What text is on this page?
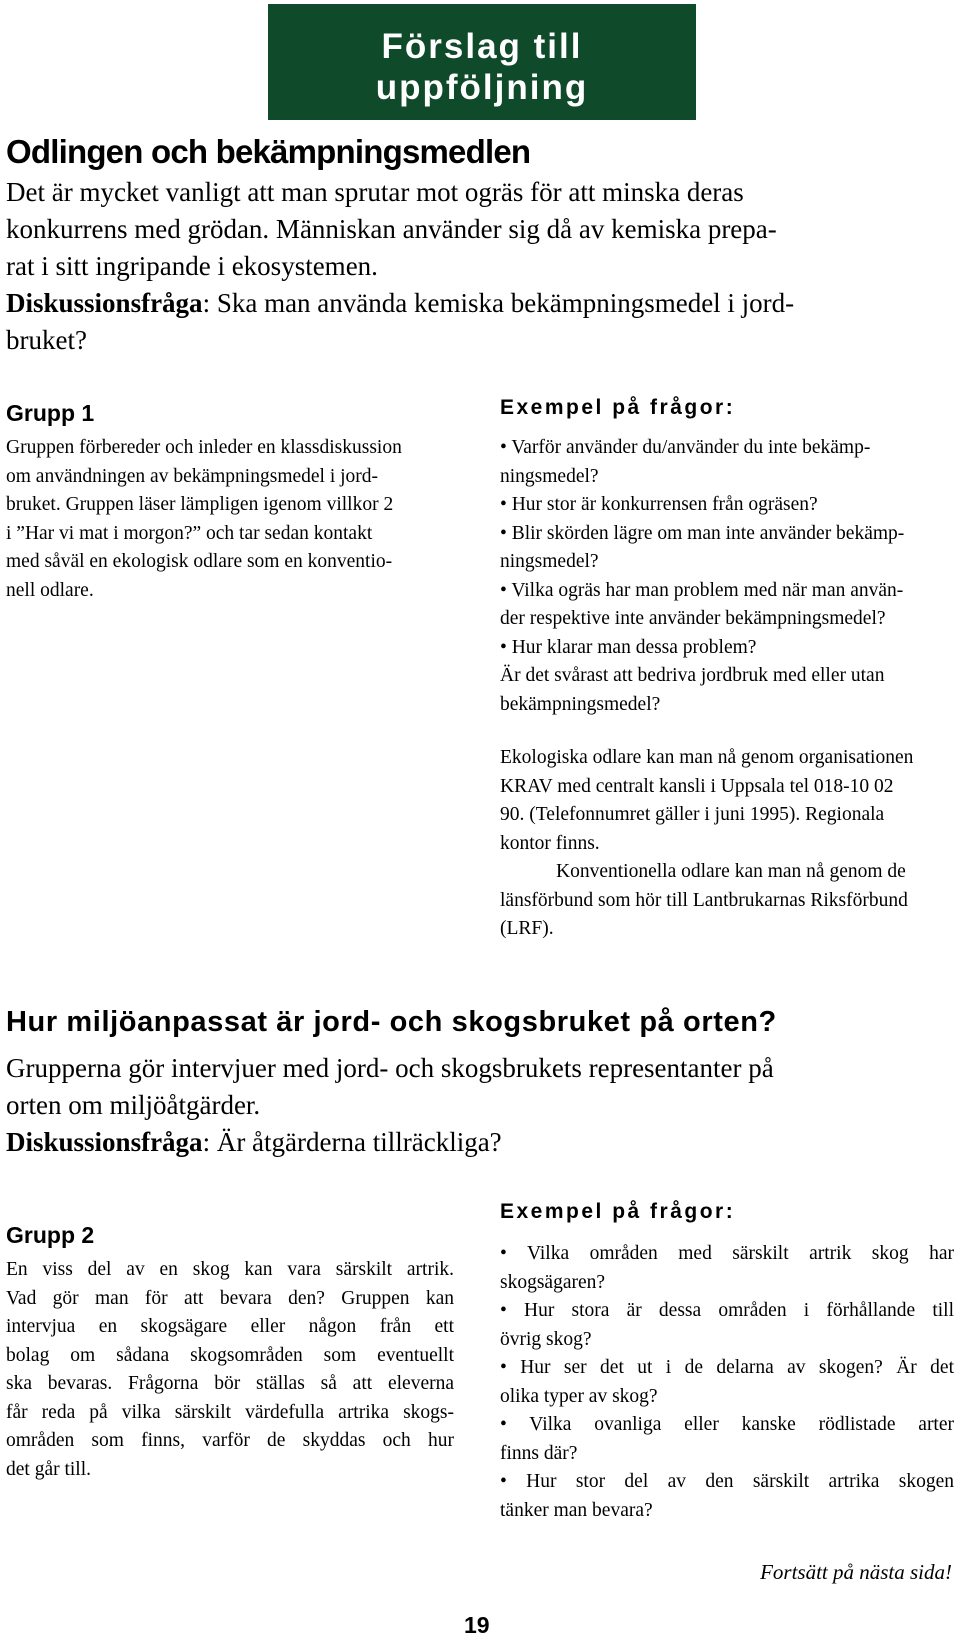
Förslag till
uppföljning
Odlingen och bekämpningsmedlen
Det är mycket vanligt att man sprutar mot ogräs för att minska deras
konkurrens med grödan. Människan använder sig då av kemiska prepa-
rat i sitt ingripande i ekosystemen.
Diskussionsfråga: Ska man använda kemiska bekämpningsmedel i jord-
bruket?
Grupp 1
Gruppen förbereder och inleder en klassdiskussion
om användningen av bekämpningsmedel i jord-
bruket. Gruppen läser lämpligen igenom villkor 2
i ”Har vi mat i morgon?” och tar sedan kontakt
med såväl en ekologisk odlare som en konventio-
nell odlare.
Exempel på frågor:
• Varför använder du/använder du inte bekämp-
ningsmedel?
• Hur stor är konkurrensen från ogräsen?
• Blir skörden lägre om man inte använder bekämp-
ningsmedel?
• Vilka ogräs har man problem med när man använ-
der respektive inte använder bekämpningsmedel?
• Hur klarar man dessa problem?
Är det svårast att bedriva jordbruk med eller utan
bekämpningsmedel?
Ekologiska odlare kan man nå genom organisationen
KRAV med centralt kansli i Uppsala tel 018-10 02
90. (Telefonnumret gäller i juni 1995). Regionala
kontor finns.
Konventionella odlare kan man nå genom de
länsförbund som hör till Lantbrukarnas Riksförbund
(LRF).
Hur miljöanpassat är jord- och skogsbruket på orten?
Grupperna gör intervjuer med jord- och skogsbrukets representanter på
orten om miljöåtgärder.
Diskussionsfråga: Är åtgärderna tillräckliga?
Grupp 2
En viss del av en skog kan vara särskilt artrik.
Vad gör man för att bevara den? Gruppen kan
intervjua en skogsägare eller någon från ett
bolag om sådana skogsområden som eventuellt
ska bevaras. Frågorna bör ställas så att eleverna
får reda på vilka särskilt värdefulla artrika skogs-
områden som finns, varför de skyddas och hur
det går till.
Exempel på frågor:
• Vilka områden med särskilt artrik skog har
skogsägaren?
• Hur stora är dessa områden i förhållande till
övrig skog?
• Hur ser det ut i de delarna av skogen? Är det
olika typer av skog?
• Vilka ovanliga eller kanske rödlistade arter
finns där?
• Hur stor del av den särskilt artrika skogen
tänker man bevara?
Fortsätt på nästa sida!
19
